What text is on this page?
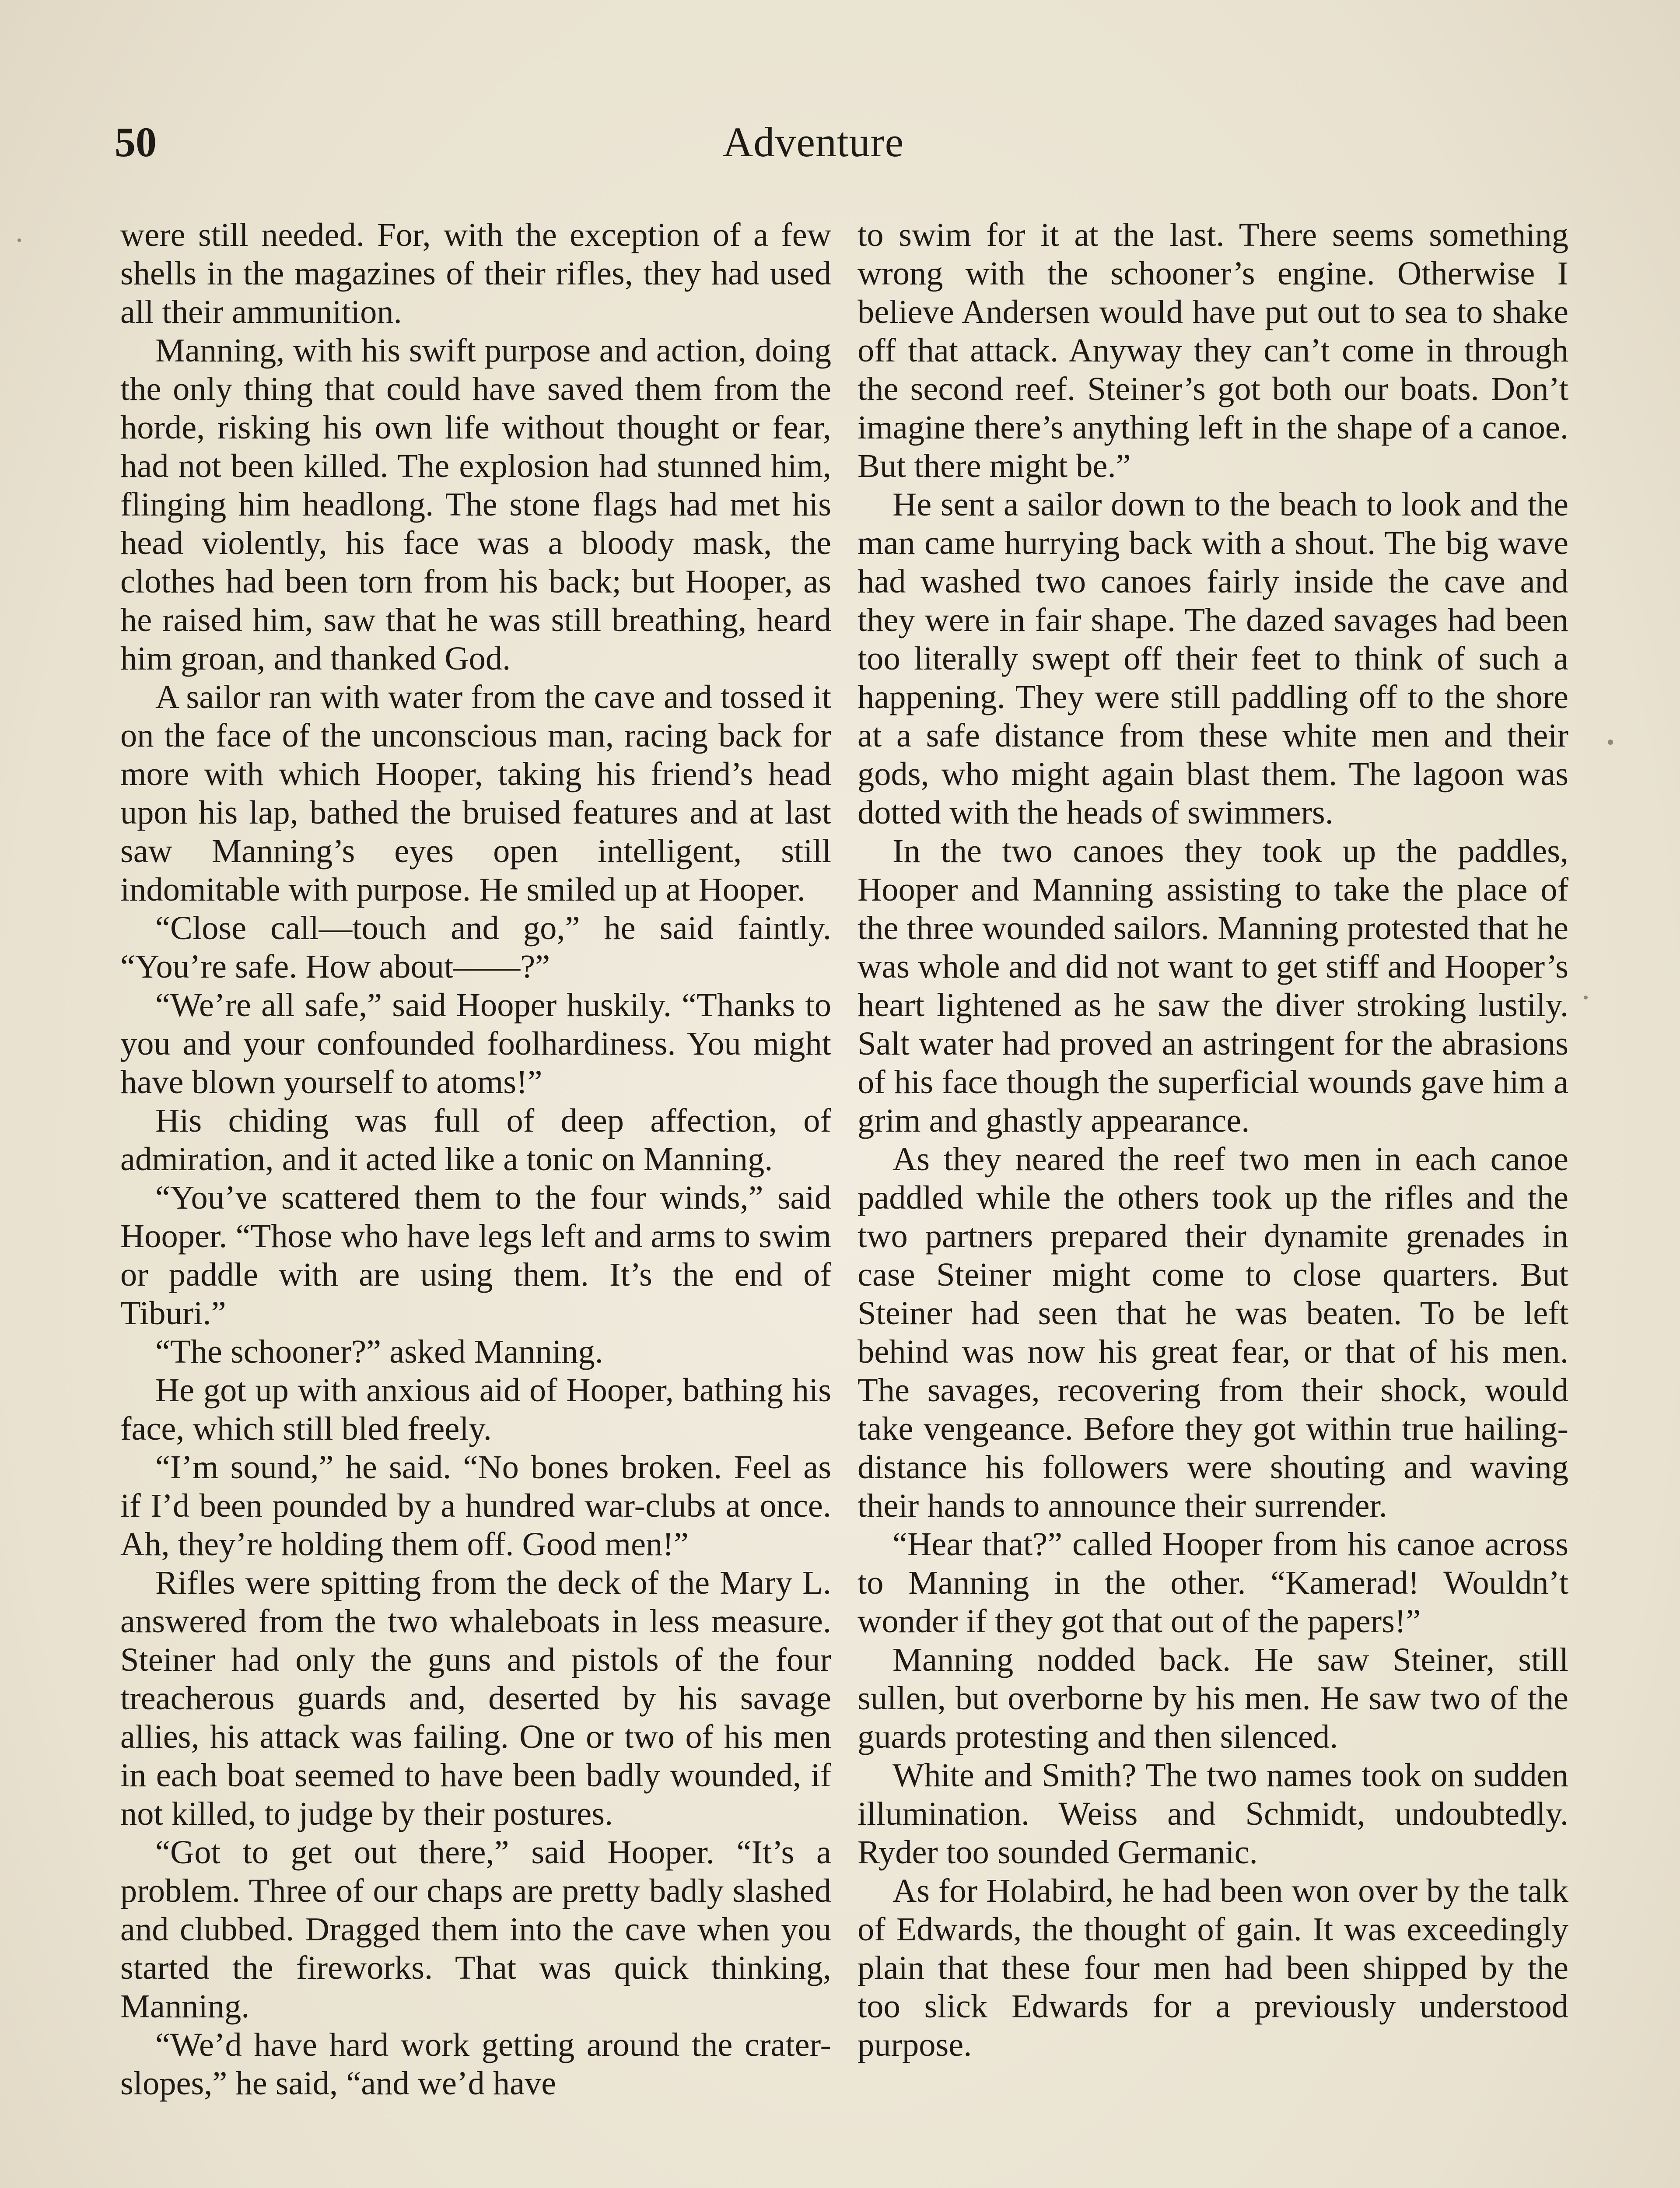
50	Adventure

were still needed. For, with the exception of a few shells in the magazines of their rifles, they had used all their ammunition.

Manning, with his swift purpose and action, doing the only thing that could have saved them from the horde, risking his own life without thought or fear, had not been killed. The explosion had stunned him, flinging him headlong. The stone flags had met his head violently, his face was a bloody mask, the clothes had been torn from his back; but Hooper, as he raised him, saw that he was still breathing, heard him groan, and thanked God.

A sailor ran with water from the cave and tossed it on the face of the unconscious man, racing back for more with which Hooper, taking his friend’s head upon his lap, bathed the bruised features and at last saw Manning’s eyes open intelligent, still indomitable with purpose. He smiled up at Hooper.

“Close call—touch and go,” he said faintly. “You’re safe. How about——?”

“We’re all safe,” said Hooper huskily. “Thanks to you and your confounded foolhardiness. You might have blown yourself to atoms!”

His chiding was full of deep affection, of admiration, and it acted like a tonic on Manning.

“You’ve scattered them to the four winds,” said Hooper. “Those who have legs left and arms to swim or paddle with are using them. It’s the end of Tiburi.”

“The schooner?” asked Manning.

He got up with anxious aid of Hooper, bathing his face, which still bled freely.

“I’m sound,” he said. “No bones broken. Feel as if I’d been pounded by a hundred war-clubs at once. Ah, they’re holding them off. Good men!”

Rifles were spitting from the deck of the Mary L. answered from the two whaleboats in less measure. Steiner had only the guns and pistols of the four treacherous guards and, deserted by his savage allies, his attack was failing. One or two of his men in each boat seemed to have been badly wounded, if not killed, to judge by their postures.

“Got to get out there,” said Hooper. “It’s a problem. Three of our chaps are pretty badly slashed and clubbed. Dragged them into the cave when you started the fireworks. That was quick thinking, Manning.

“We’d have hard work getting around the crater-slopes,” he said, “and we’d have

to swim for it at the last. There seems something wrong with the schooner’s engine. Otherwise I believe Andersen would have put out to sea to shake off that attack. Anyway they can’t come in through the second reef. Steiner’s got both our boats. Don’t imagine there’s anything left in the shape of a canoe. But there might be.”

He sent a sailor down to the beach to look and the man came hurrying back with a shout. The big wave had washed two canoes fairly inside the cave and they were in fair shape. The dazed savages had been too literally swept off their feet to think of such a happening. They were still paddling off to the shore at a safe distance from these white men and their gods, who might again blast them. The lagoon was dotted with the heads of swimmers.

In the two canoes they took up the paddles, Hooper and Manning assisting to take the place of the three wounded sailors. Manning protested that he was whole and did not want to get stiff and Hooper’s heart lightened as he saw the diver stroking lustily. Salt water had proved an astringent for the abrasions of his face though the superficial wounds gave him a grim and ghastly appearance.

As they neared the reef two men in each canoe paddled while the others took up the rifles and the two partners prepared their dynamite grenades in case Steiner might come to close quarters. But Steiner had seen that he was beaten. To be left behind was now his great fear, or that of his men. The savages, recovering from their shock, would take vengeance. Before they got within true hailing-distance his followers were shouting and waving their hands to announce their surrender.

“Hear that?” called Hooper from his canoe across to Manning in the other. “Kamerad! Wouldn’t wonder if they got that out of the papers!”

Manning nodded back. He saw Steiner, still sullen, but overborne by his men. He saw two of the guards protesting and then silenced.

White and Smith? The two names took on sudden illumination. Weiss and Schmidt, undoubtedly. Ryder too sounded Germanic.

As for Holabird, he had been won over by the talk of Edwards, the thought of gain. It was exceedingly plain that these four men had been shipped by the too slick Edwards for a previously understood purpose.
